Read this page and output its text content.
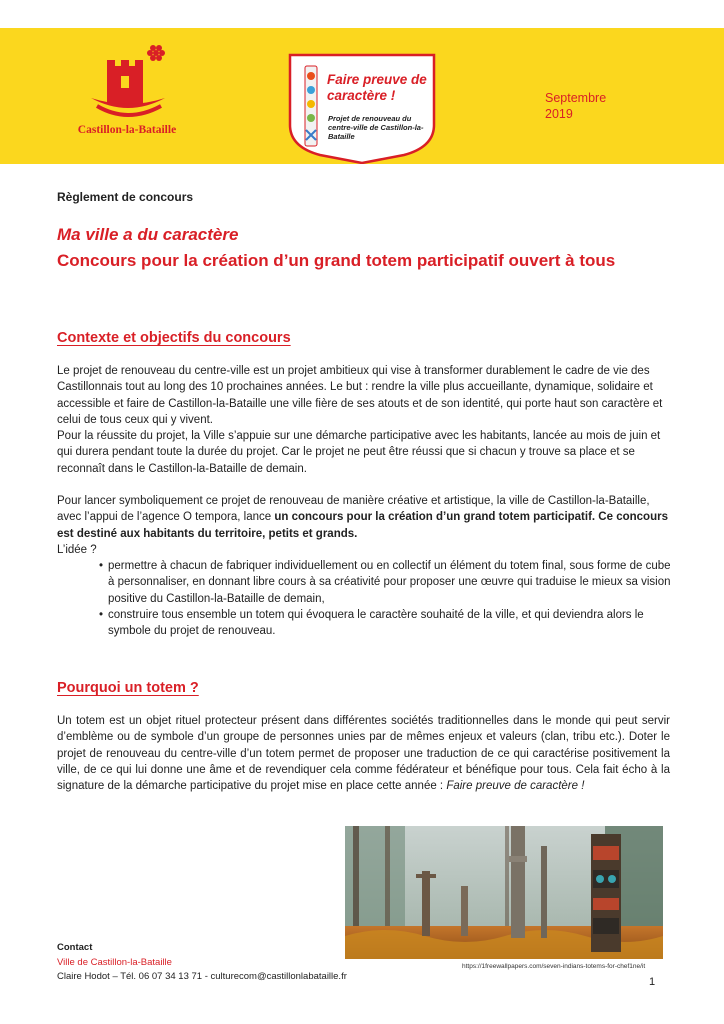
Castillon-la-Bataille
Faire preuve de caractère !
Projet de renouveau du centre-ville de Castillon-la-Bataille
Septembre 2019
Règlement de concours
Ma ville a du caractère
Concours pour la création d’un grand totem participatif ouvert à tous
Contexte et objectifs du concours

Le projet de renouveau du centre-ville est un projet ambitieux qui vise à transformer durablement le cadre de vie des Castillonnais tout au long des 10 prochaines années. Le but : rendre la ville plus accueillante, dynamique, solidaire et accessible et faire de Castillon-la-Bataille une ville fière de ses atouts et de son identité, qui porte haut son caractère et celui de tous ceux qui y vivent.

Pour la réussite du projet, la Ville s’appuie sur une démarche participative avec les habitants, lancée au mois de juin et qui durera pendant toute la durée du projet. Car le projet ne peut être réussi que si chacun y trouve sa place et se reconnaît dans le Castillon-la-Bataille de demain.

Pour lancer symboliquement ce projet de renouveau de manière créative et artistique, la ville de Castillon-la-Bataille, avec l’appui de l’agence O tempora, lance un concours pour la création d’un grand totem participatif. Ce concours est destiné aux habitants du territoire, petits et grands.

L’idée ?
• permettre à chacun de fabriquer individuellement ou en collectif un élément du totem final, sous forme de cube à personnaliser, en donnant libre cours à sa créativité pour proposer une œuvre qui traduise le mieux sa vision positive du Castillon-la-Bataille de demain,
• construire tous ensemble un totem qui évoquera le caractère souhaité de la ville, et qui deviendra alors le symbole du projet de renouveau.
Pourquoi un totem ?

Un totem est un objet rituel protecteur présent dans différentes sociétés traditionnelles dans le monde qui peut servir d’emblème ou de symbole d’un groupe de personnes unies par de mêmes enjeux et valeurs (clan, tribu etc.). Doter le projet de renouveau du centre-ville d’un totem permet de proposer une traduction de ce qui caractérise positivement la ville, de ce qui lui donne une âme et de revendiquer cela comme fédérateur et bénéfique pour tous. Cela fait écho à la signature de la démarche participative du projet mise en place cette année : Faire preuve de caractère !

https://1freewallpapers.com/seven-indians-totems-for-chef1ne/it
Contact
Ville de Castillon-la-Bataille
Claire Hodot – Tél. 06 07 34 13 71 - culturecom@castillonlabataille.fr	1
